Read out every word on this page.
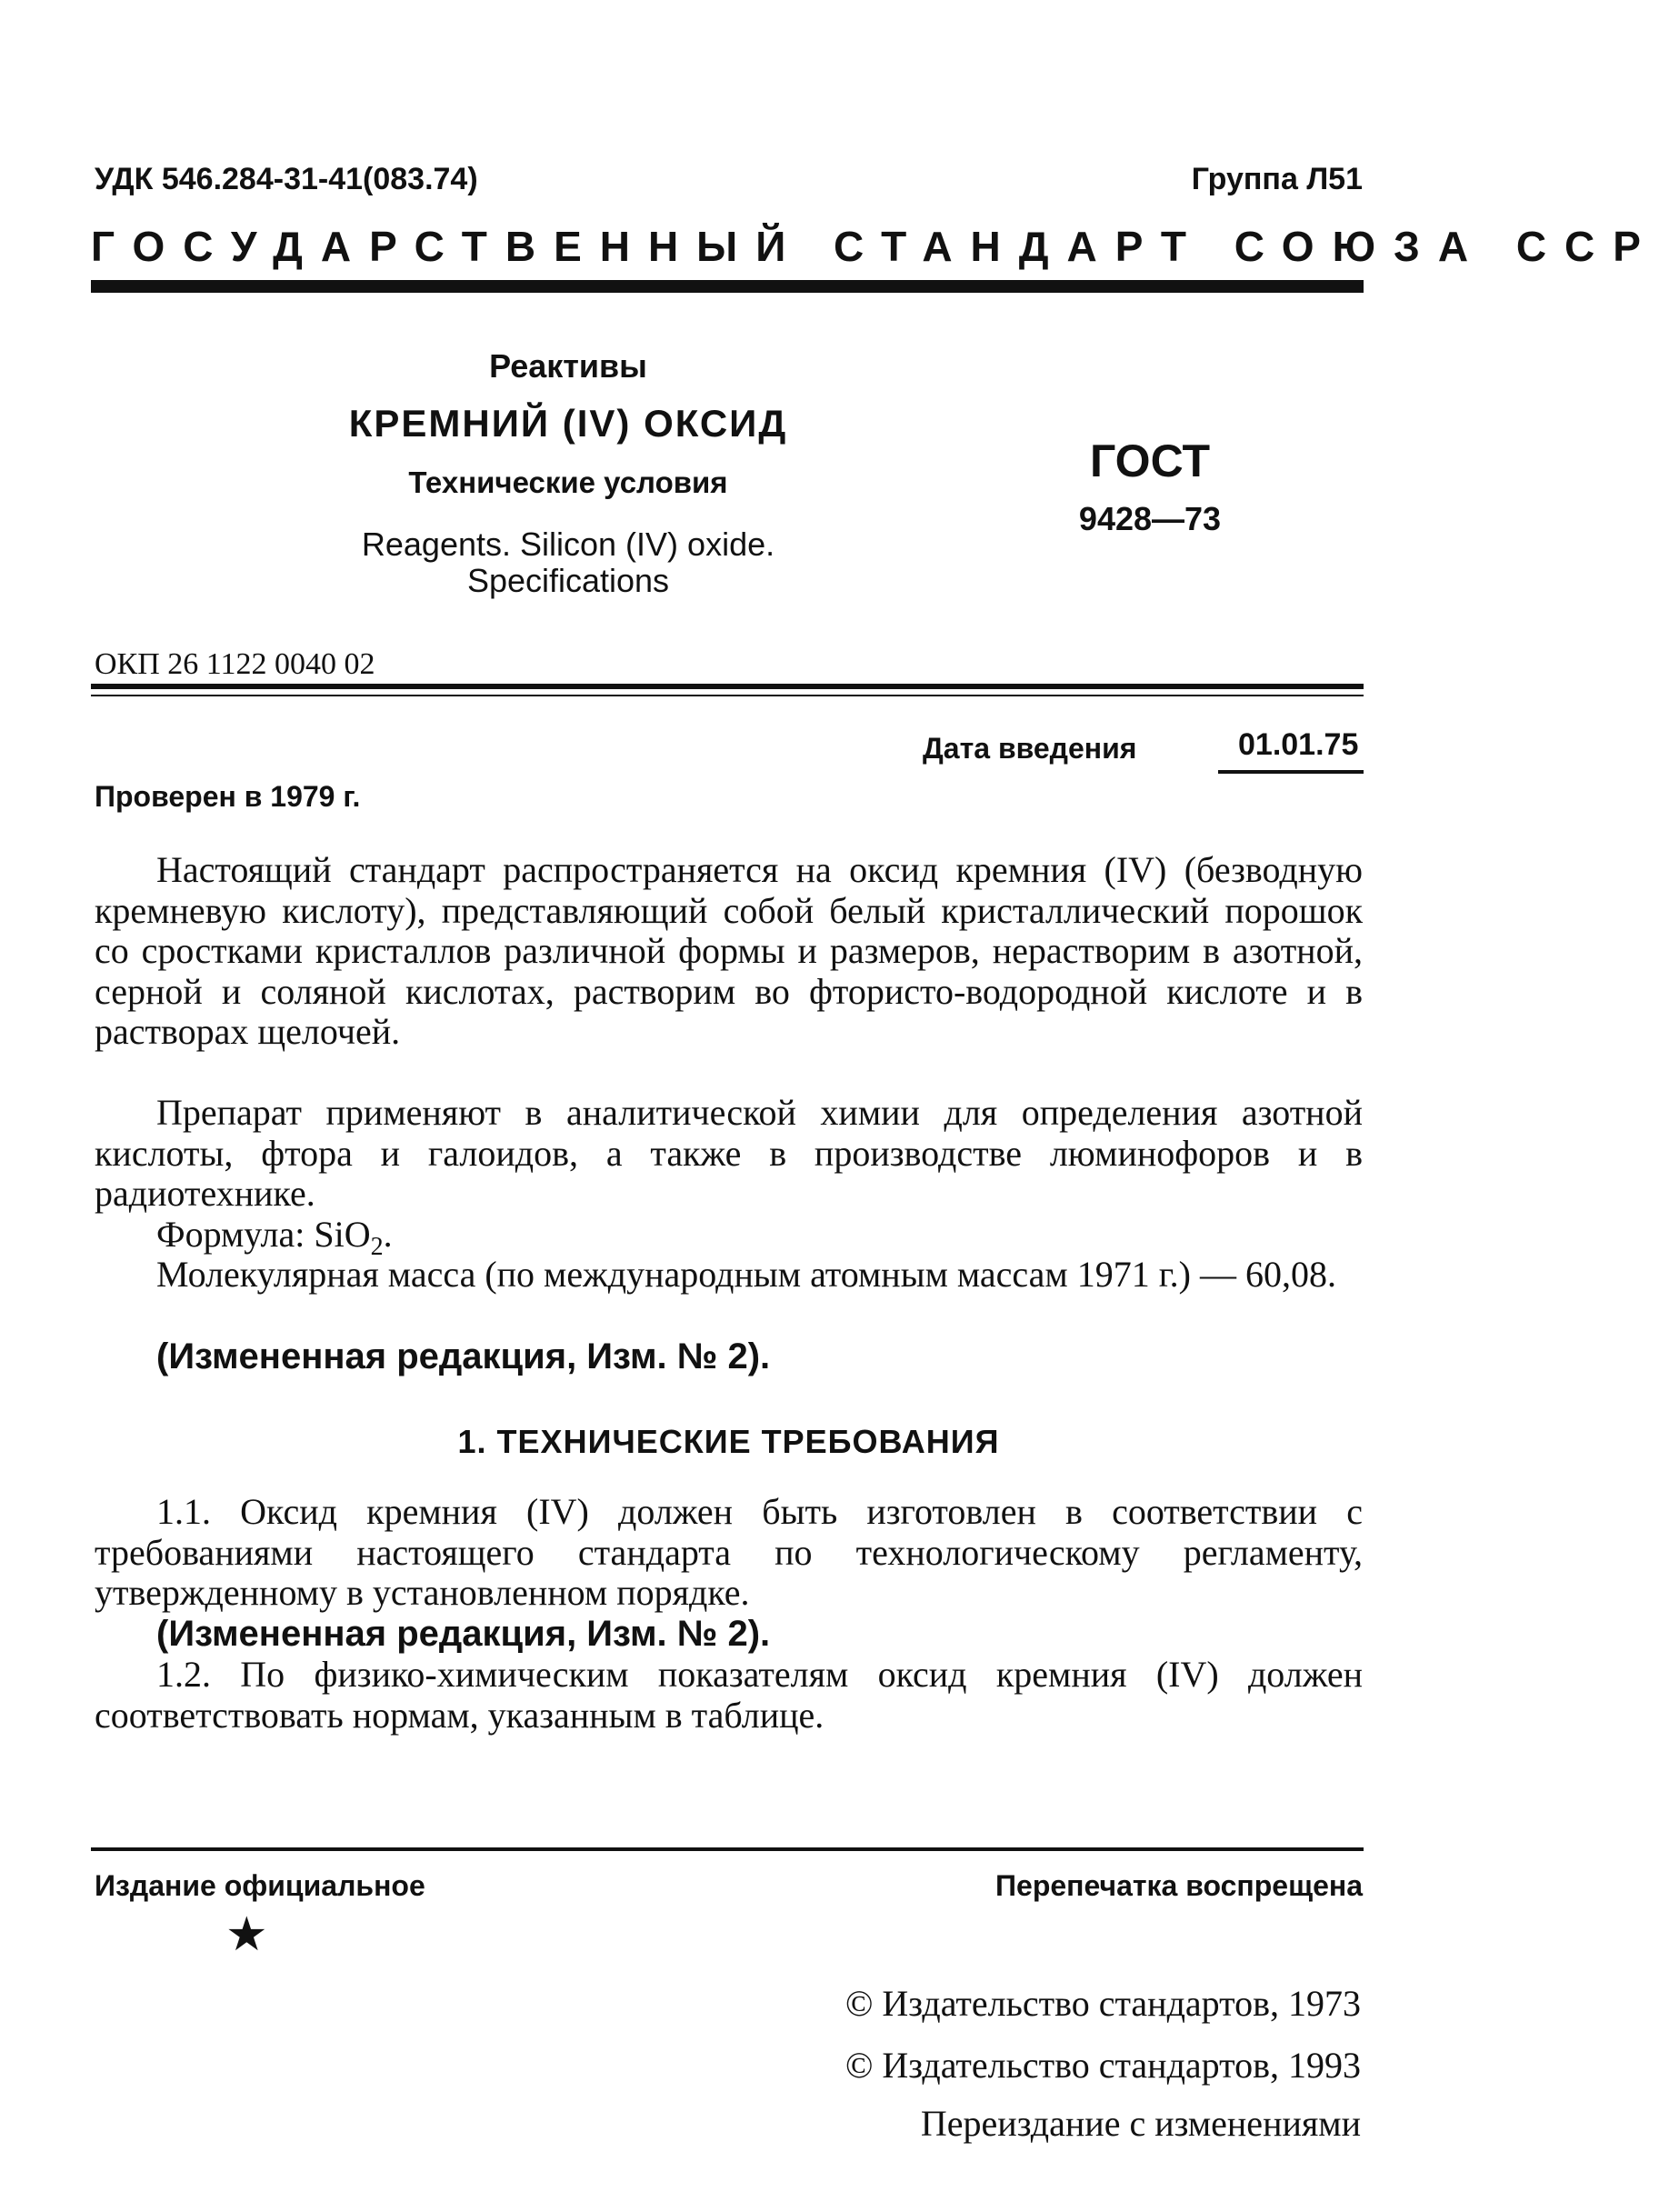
УДК 546.284-31-41(083.74)	Группа Л51
ГОСУДАРСТВЕННЫЙ СТАНДАРТ СОЮЗА ССР
Реактивы
КРЕМНИЙ (IV) ОКСИД
Технические условия
Reagents. Silicon (IV) oxide.
Specifications
ГОСТ
9428—73
ОКП 26 1122 0040 02
Дата введения	01.01.75
Проверен в 1979 г.

Настоящий стандарт распространяется на оксид кремния (IV) (безводную кремневую кислоту), представляющий собой белый кристаллический порошок со сростками кристаллов различной формы и размеров, нерастворим в азотной, серной и соляной кислотах, растворим во фтористо-водородной кислоте и в растворах щелочей.

Препарат применяют в аналитической химии для определения азотной кислоты, фтора и галоидов, а также в производстве люминофоров и в радиотехнике.

Формула: SiO$_2$.

Молекулярная масса (по международным атомным массам 1971 г.) — 60,08.

(Измененная редакция, Изм. № 2).
1. ТЕХНИЧЕСКИЕ ТРЕБОВАНИЯ

1.1. Оксид кремния (IV) должен быть изготовлен в соответствии с требованиями настоящего стандарта по технологическому регламенту, утвержденному в установленном порядке.

(Измененная редакция, Изм. № 2).

1.2. По физико-химическим показателям оксид кремния (IV) должен соответствовать нормам, указанным в таблице.

Издание официальное	Перепечатка воспрещена
★
© Издательство стандартов, 1973
© Издательство стандартов, 1993
Переиздание с изменениями
